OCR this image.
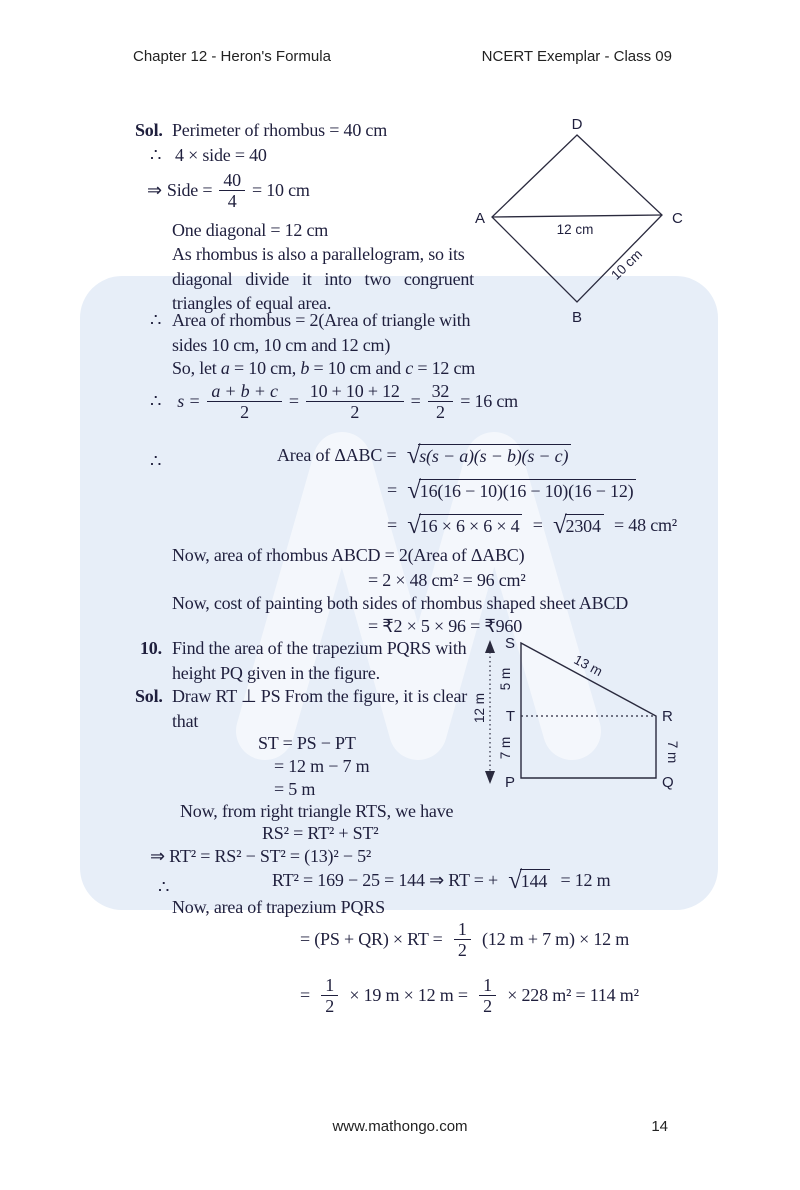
Chapter 12 - Heron's Formula	NCERT Exemplar - Class 09
Sol. Perimeter of rhombus = 40 cm
∴ 4 × side = 40
One diagonal = 12 cm
As rhombus is also a parallelogram, so its
diagonal divide it into two congruent
triangles of equal area.
∴ Area of rhombus = 2(Area of triangle with
sides 10 cm, 10 cm and 12 cm)
So, let a = 10 cm, b = 10 cm and c = 12 cm
∴
Now, area of rhombus ABCD = 2(Area of ΔABC)
= 2 × 48 cm² = 96 cm²
Now, cost of painting both sides of rhombus shaped sheet ABCD
= ₹2 × 5 × 96 = ₹960
10. Find the area of the trapezium PQRS with
height PQ given in the figure.
Sol. Draw RT ⊥ PS From the figure, it is clear
that
ST = PS − PT
= 12 m − 7 m
= 5 m
Now, from right triangle RTS, we have
RS² = RT² + ST²
⇒ RT² = RS² − ST² = (13)² − 5²
∴
Now, area of trapezium PQRS
⇒ Side = $\frac{40}{4} = 10$ cm
∴ $s = \frac{a + b + c}{2} = \frac{10 + 10 + 12}{2} = \frac{32}{2} = 16$ cm
Area of ΔABC = √ s(s − a)(s − b)(s − c)
= √ 16(16 − 10)(16 − 10)(16 − 12)
= √ 16 × 6 × 6 × 4 = √ 2304 = 48 cm²
RT² = 169 − 25 = 144 ⇒ RT = + √ 144 = 12 m
= (PS + QR) × RT = $\frac{1}{2} (12$ m + 7 m) × 12 m
= $\frac{1}{2} \times 19$ m × 12 $m = \frac{1}{2} \times 228$ m² = 114 m²
D
A	C
B
12 cm
10 cm
S
T
P
R
Q
5 m
7 m
13 m
7 m
12 m
www.mathongo.com	14
